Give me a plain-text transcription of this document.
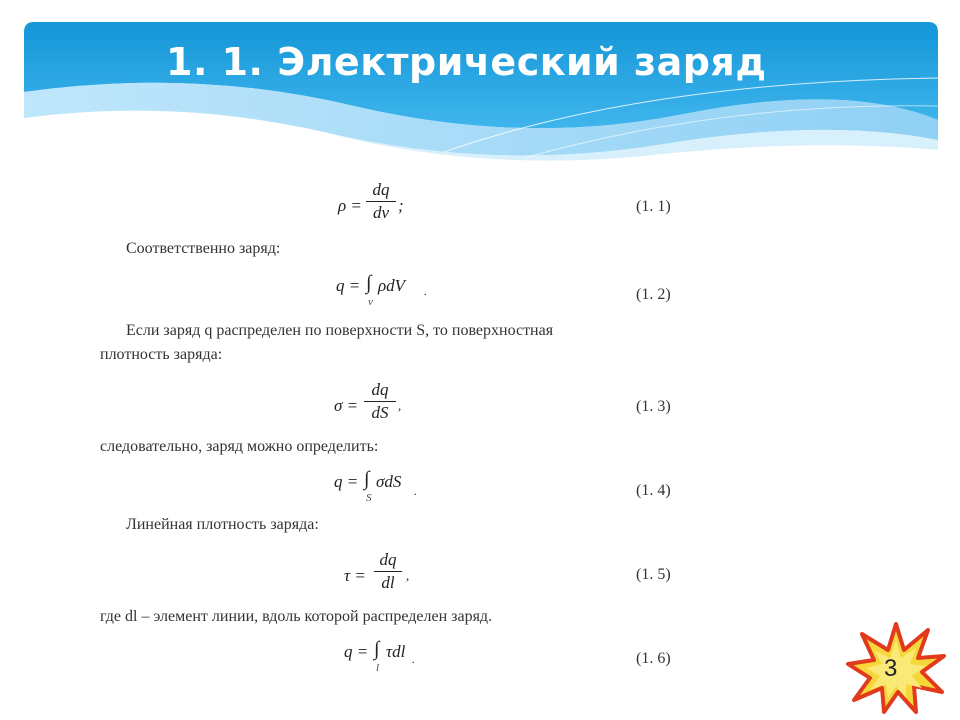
1. 1. Электрический заряд
ρ =
dq
dv ;	(1. 1)
Соответственно заряд:
q = ∫
ν
ρdV .	(1. 2)
Если заряд q распределен по поверхности S, то поверхностная
плотность заряда:
σ =
dq
dS ,	(1. 3)
следовательно, заряд можно определить:
q = ∫
S
σdS .	(1. 4)
Линейная плотность заряда:
τ =
dq
dl ,	(1. 5)
где dl – элемент линии, вдоль которой распределен заряд.
q = ∫
l
τdl .	(1. 6)	3
